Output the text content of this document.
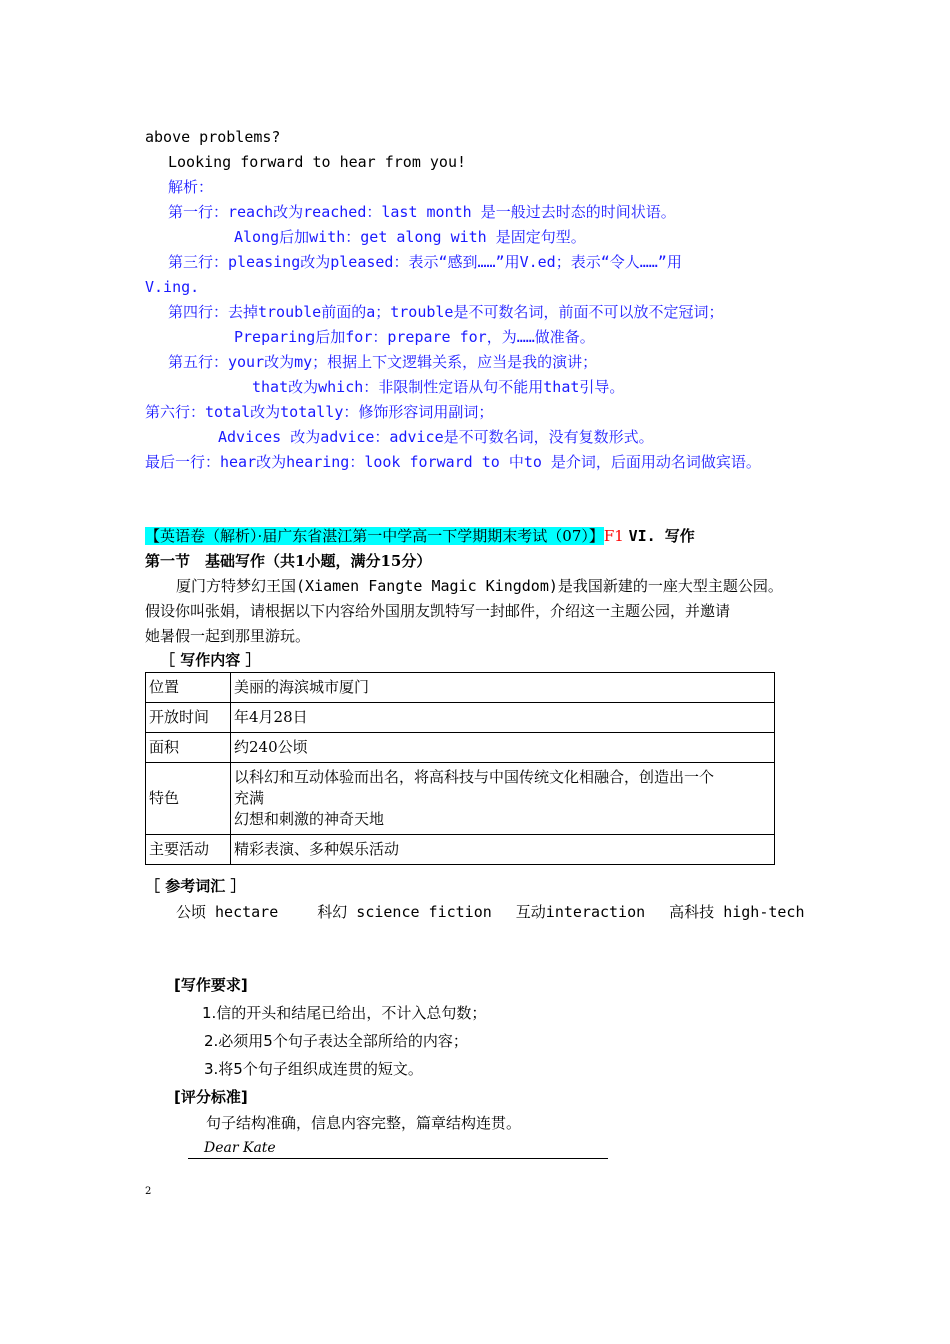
above problems?
Looking forward to hear from you!
解析：
第一行：reach改为reached：last month 是一般过去时态的时间状语。
Along后加with：get along with 是固定句型。
第三行：pleasing改为pleased：表示“感到……”用V.ed；表示“令人……”用
V.ing.
第四行：去掉trouble前面的a；trouble是不可数名词，前面不可以放不定冠词；
Preparing后加for：prepare for，为……做准备。
第五行：your改为my；根据上下文逻辑关系，应当是我的演讲；
that改为which：非限制性定语从句不能用that引导。
第六行：total改为totally：修饰形容词用副词；
Advices 改为advice：advice是不可数名词，没有复数形式。
最后一行：hear改为hearing：look forward to 中to 是介词，后面用动名词做宾语。
【英语卷（解析）·届广东省湛江第一中学高一下学期期末考试（07）】F1 VI. 写作
第一节　基础写作（共1小题，满分15分）
厦门方特梦幻王国(Xiamen Fangte Magic Kingdom)是我国新建的一座大型主题公园。
假设你叫张娟，请根据以下内容给外国朋友凯特写一封邮件，介绍这一主题公园，并邀请
她暑假一起到那里游玩。
［ 写作内容 ］
位置	美丽的海滨城市厦门
开放时间	年4月28日
面积	约240公顷
特色	以科幻和互动体验而出名，将高科技与中国传统文化相融合，创造出一个
充满
幻想和刺激的神奇天地

主要活动	精彩表演、多种娱乐活动
［ 参考词汇 ］
公顷 hectare　　 科幻 science fiction　 互动interaction　 高科技 high-tech
[写作要求]
1.信的开头和结尾已给出，不计入总句数；
2.必须用5个句子表达全部所给的内容；
3.将5个句子组织成连贯的短文。
[评分标准]
句子结构准确，信息内容完整，篇章结构连贯。
Dear Kate
2
